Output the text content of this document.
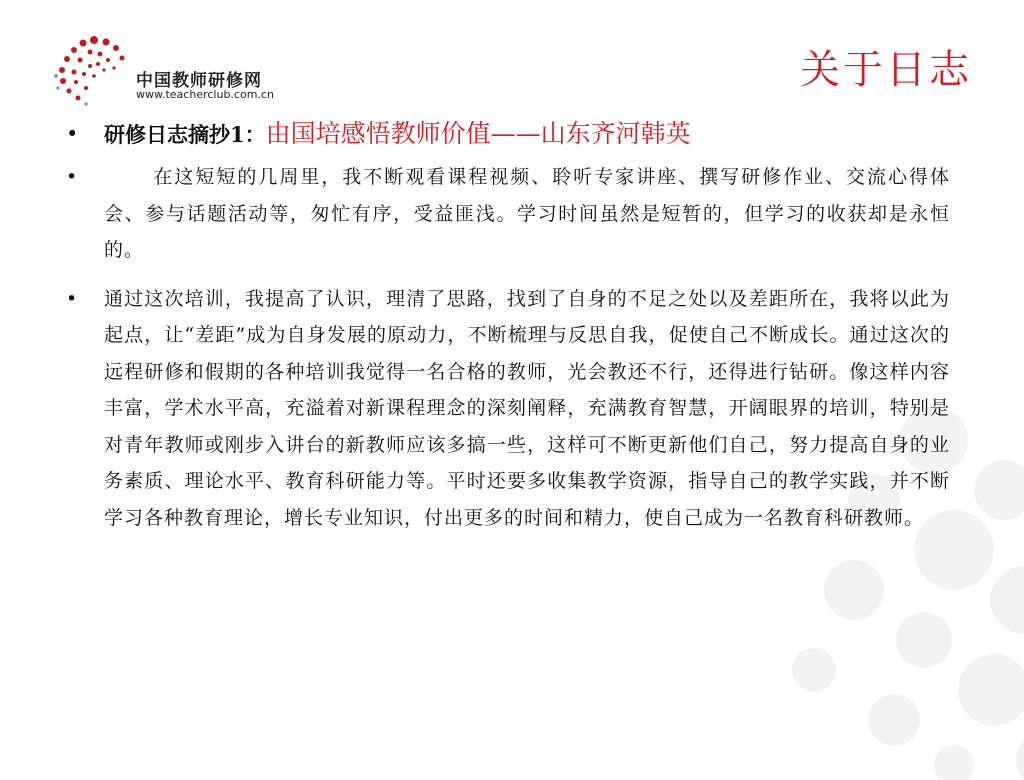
中国教师研修网
www.teacherclub.com.cn
关于日志
• 研修日志摘抄1：由国培感悟教师价值——山东齐河韩英
•	在这短短的几周里，我不断观看课程视频、聆听专家讲座、撰写研修作业、交流心得体会、参与话题活动等，匆忙有序，受益匪浅。学习时间虽然是短暂的，但学习的收获却是永恒的。
• 通过这次培训，我提高了认识，理清了思路，找到了自身的不足之处以及差距所在，我将以此为起点，让“差距”成为自身发展的原动力，不断梳理与反思自我，促使自己不断成长。通过这次的远程研修和假期的各种培训我觉得一名合格的教师，光会教还不行，还得进行钻研。像这样内容丰富，学术水平高，充溢着对新课程理念的深刻阐释，充满教育智慧，开阔眼界的培训，特别是对青年教师或刚步入讲台的新教师应该多搞一些，这样可不断更新他们自己，努力提高自身的业务素质、理论水平、教育科研能力等。平时还要多收集教学资源，指导自己的教学实践，并不断学习各种教育理论，增长专业知识，付出更多的时间和精力，使自己成为一名教育科研教师。
